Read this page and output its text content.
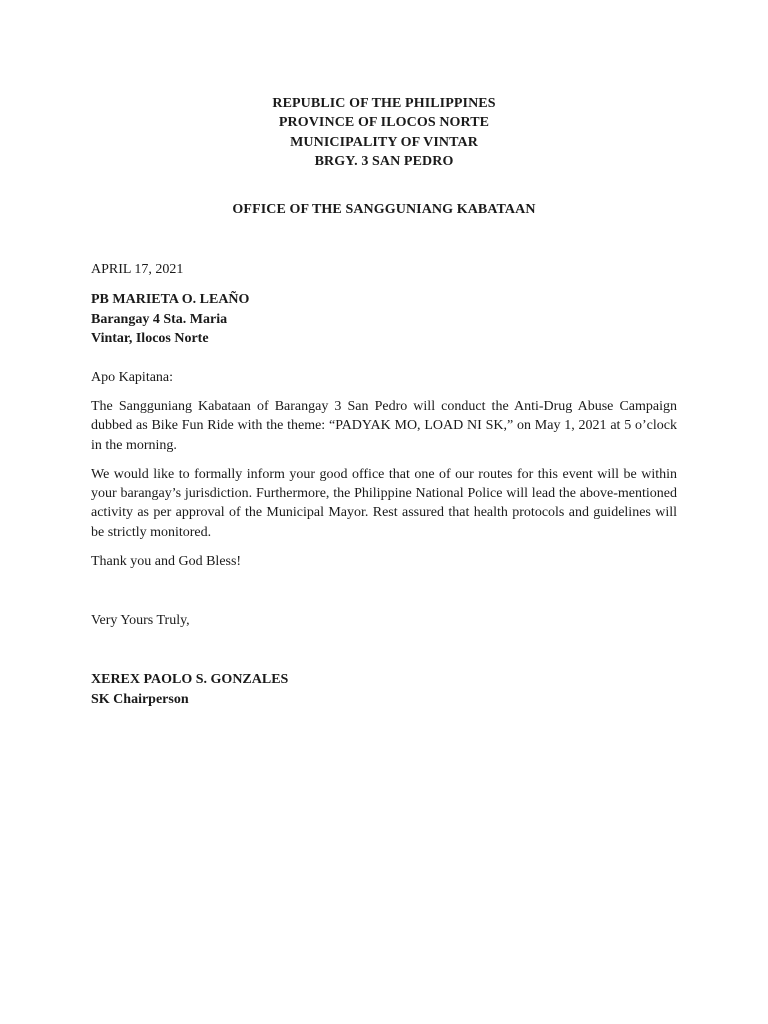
REPUBLIC OF THE PHILIPPINES
PROVINCE OF ILOCOS NORTE
MUNICIPALITY OF VINTAR
BRGY. 3 SAN PEDRO
OFFICE OF THE SANGGUNIANG KABATAAN
APRIL 17, 2021
PB MARIETA O. LEAÑO
Barangay 4 Sta. Maria
Vintar, Ilocos Norte

Apo Kapitana:

The Sangguniang Kabataan of Barangay 3 San Pedro will conduct the Anti-Drug Abuse Campaign dubbed as Bike Fun Ride with the theme: “PADYAK MO, LOAD NI SK,” on May 1, 2021 at 5 o’clock in the morning.

We would like to formally inform your good office that one of our routes for this event will be within your barangay’s jurisdiction. Furthermore, the Philippine National Police will lead the above-mentioned activity as per approval of the Municipal Mayor. Rest assured that health protocols and guidelines will be strictly monitored.

Thank you and God Bless!

Very Yours Truly,
XEREX PAOLO S. GONZALES
SK Chairperson
